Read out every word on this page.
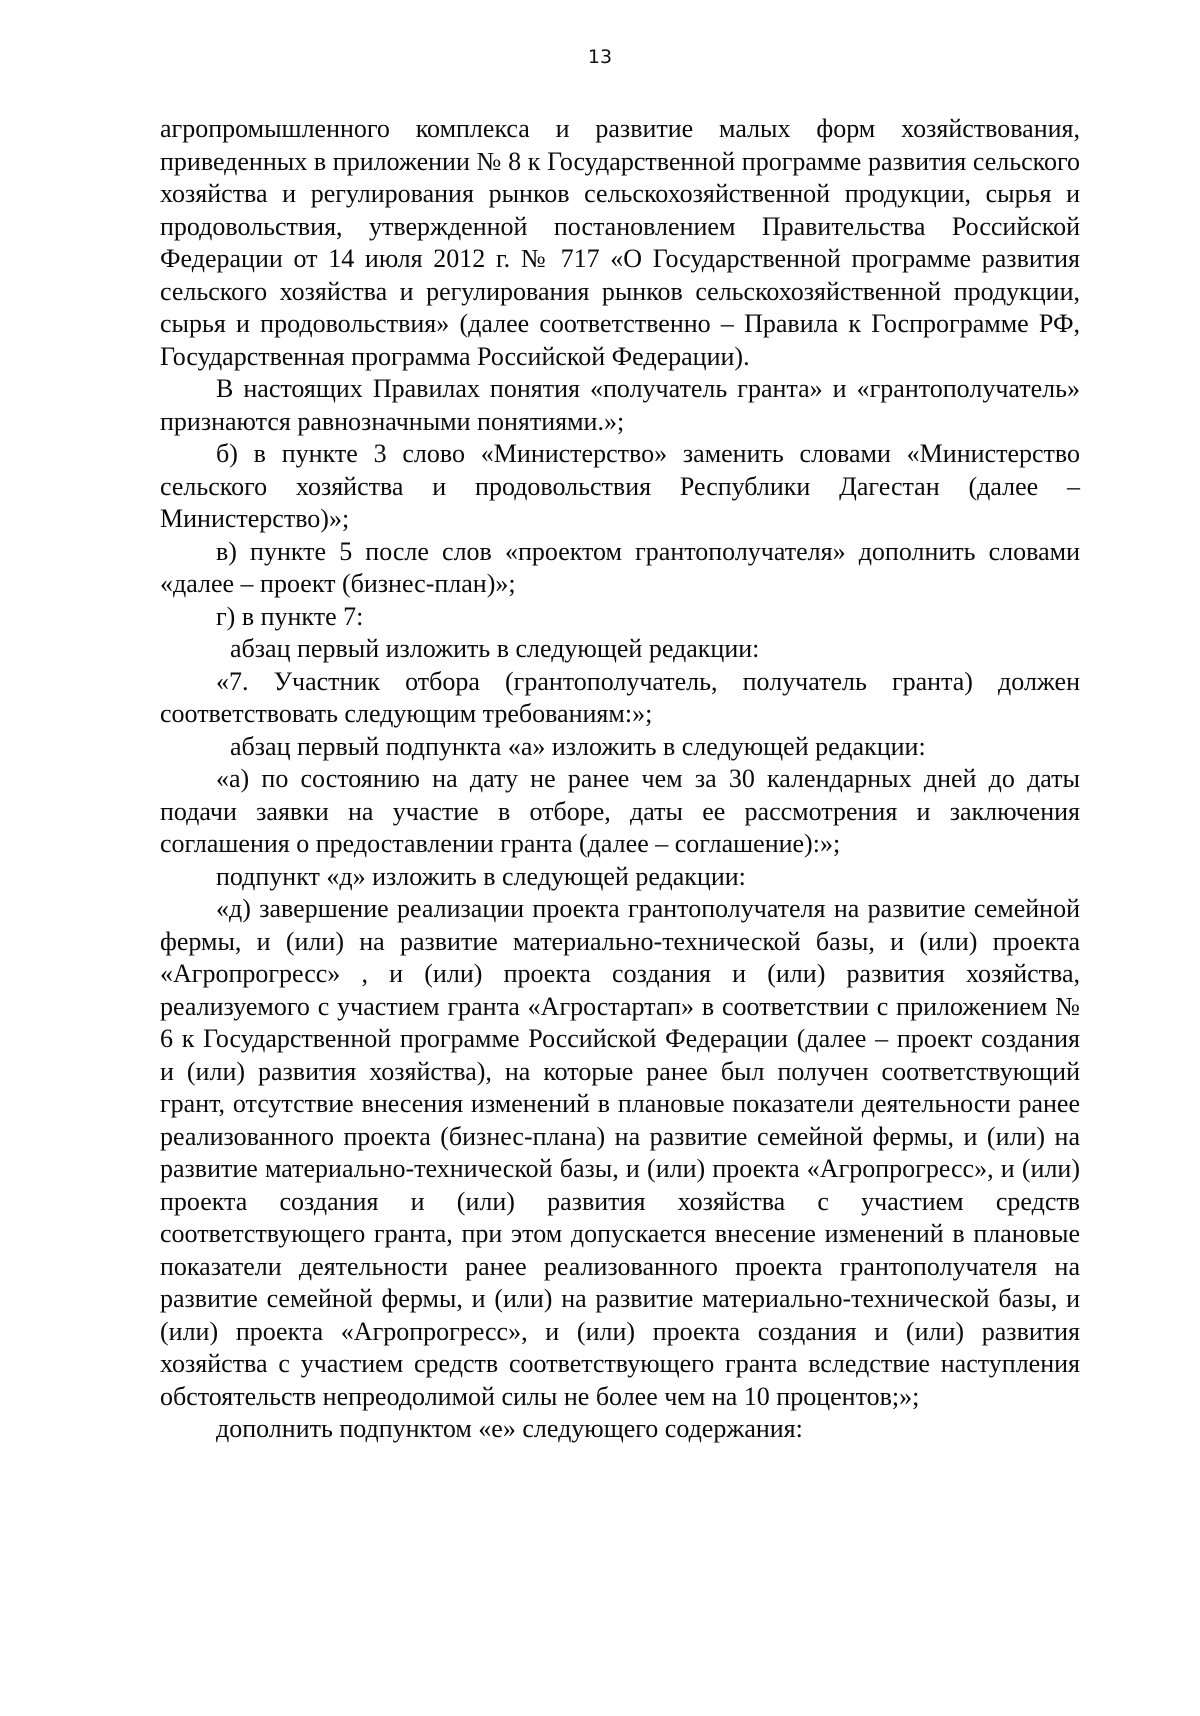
13

агропромышленного комплекса и развитие малых форм хозяйствования, приведенных в приложении № 8 к Государственной программе развития сельского хозяйства и регулирования рынков сельскохозяйственной продукции, сырья и продовольствия, утвержденной постановлением Правительства Российской Федерации от 14 июля 2012 г. № 717 «О Государственной программе развития сельского хозяйства и регулирования рынков сельскохозяйственной продукции, сырья и продовольствия» (далее соответственно – Правила к Госпрограмме РФ, Государственная программа Российской Федерации).

В настоящих Правилах понятия «получатель гранта» и «грантополучатель» признаются равнозначными понятиями.»;

б) в пункте 3 слово «Министерство» заменить словами «Министерство сельского хозяйства и продовольствия Республики Дагестан (далее – Министерство)»;

в) пункте 5 после слов «проектом грантополучателя» дополнить словами «далее – проект (бизнес-план)»;

г) в пункте 7:

абзац первый изложить в следующей редакции:

«7. Участник отбора (грантополучатель, получатель гранта) должен соответствовать следующим требованиям:»;

абзац первый подпункта «а» изложить в следующей редакции:

«а) по состоянию на дату не ранее чем за 30 календарных дней до даты подачи заявки на участие в отборе, даты ее рассмотрения и заключения соглашения о предоставлении гранта (далее – соглашение):»;

подпункт «д» изложить в следующей редакции:

«д) завершение реализации проекта грантополучателя на развитие семейной фермы, и (или) на развитие материально-технической базы, и (или) проекта «Агропрогресс» , и (или) проекта создания и (или) развития хозяйства, реализуемого с участием гранта «Агростартап» в соответствии с приложением № 6 к Государственной программе Российской Федерации (далее – проект создания и (или) развития хозяйства), на которые ранее был получен соответствующий грант, отсутствие внесения изменений в плановые показатели деятельности ранее реализованного проекта (бизнес-плана) на развитие семейной фермы, и (или) на развитие материально-технической базы, и (или) проекта «Агропрогресс», и (или) проекта создания и (или) развития хозяйства с участием средств соответствующего гранта, при этом допускается внесение изменений в плановые показатели деятельности ранее реализованного проекта грантополучателя на развитие семейной фермы, и (или) на развитие материально-технической базы, и (или) проекта «Агропрогресс», и (или) проекта создания и (или) развития хозяйства с участием средств соответствующего гранта вследствие наступления обстоятельств непреодолимой силы не более чем на 10 процентов;»;

дополнить подпунктом «е» следующего содержания:
